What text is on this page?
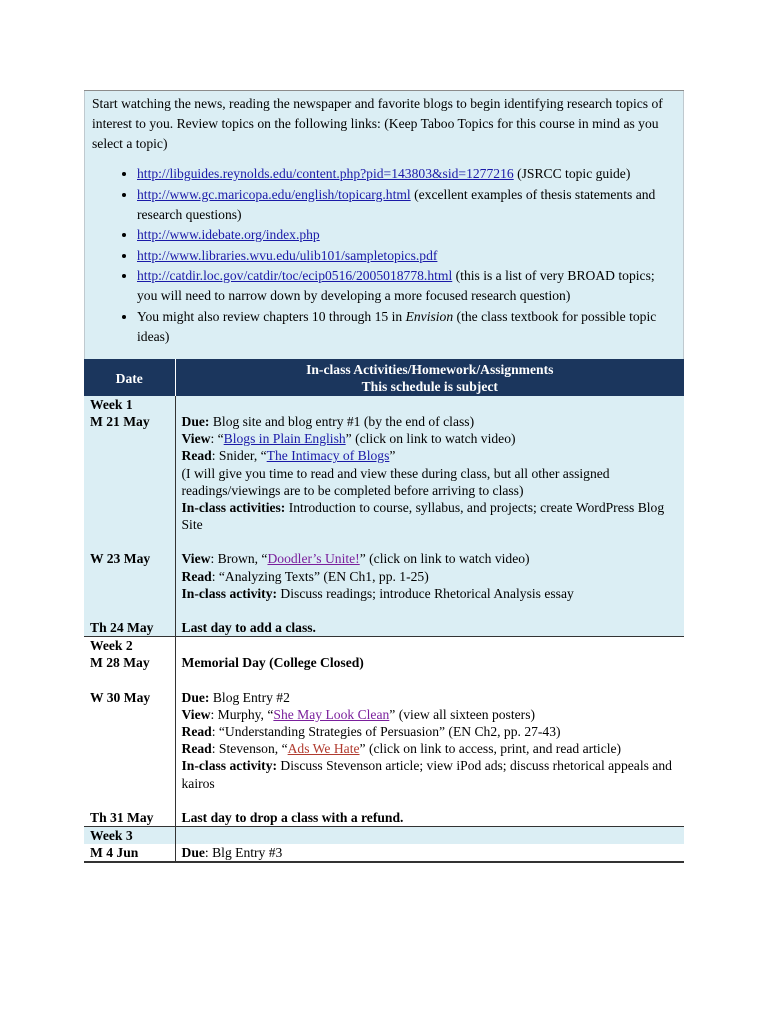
Start watching the news, reading the newspaper and favorite blogs to begin identifying research topics of interest to you. Review topics on the following links: (Keep Taboo Topics for this course in mind as you select a topic)

• http://libguides.reynolds.edu/content.php?pid=143803&sid=1277216 (JSRCC topic guide)
• http://www.gc.maricopa.edu/english/topicarg.html (excellent examples of thesis statements and research questions)
• http://www.idebate.org/index.php
• http://www.libraries.wvu.edu/ulib101/sampletopics.pdf
• http://catdir.loc.gov/catdir/toc/ecip0516/2005018778.html (this is a list of very BROAD topics; you will need to narrow down by developing a more focused research question)
• You might also review chapters 10 through 15 in Envision (the class textbook for possible topic ideas)
Date	In-class Activities/Homework/Assignments
This schedule is subject

Week 1
M 21 May	Due: Blog site and blog entry #1 (by the end of class)
View: “Blogs in Plain English” (click on link to watch video)
Read: Snider, “The Intimacy of Blogs”
(I will give you time to read and view these during class, but all other assigned readings/viewings are to be completed before arriving to class)
In-class activities: Introduction to course, syllabus, and projects; create WordPress Blog Site

W 23 May	View: Brown, “Doodler’s Unite!” (click on link to watch video)
Read: “Analyzing Texts” (EN Ch1, pp. 1-25)
In-class activity: Discuss readings; introduce Rhetorical Analysis essay

Th 24 May	Last day to add a class.

Week 2
M 28 May	Memorial Day (College Closed)

W 30 May	Due: Blog Entry #2
View: Murphy, “She May Look Clean” (view all sixteen posters)
Read: “Understanding Strategies of Persuasion” (EN Ch2, pp. 27-43)
Read: Stevenson, “Ads We Hate” (click on link to access, print, and read article)
In-class activity: Discuss Stevenson article; view iPod ads; discuss rhetorical appeals and kairos

Th 31 May	Last day to drop a class with a refund.

Week 3	

M 4 Jun	Due: Blg Entry #3
